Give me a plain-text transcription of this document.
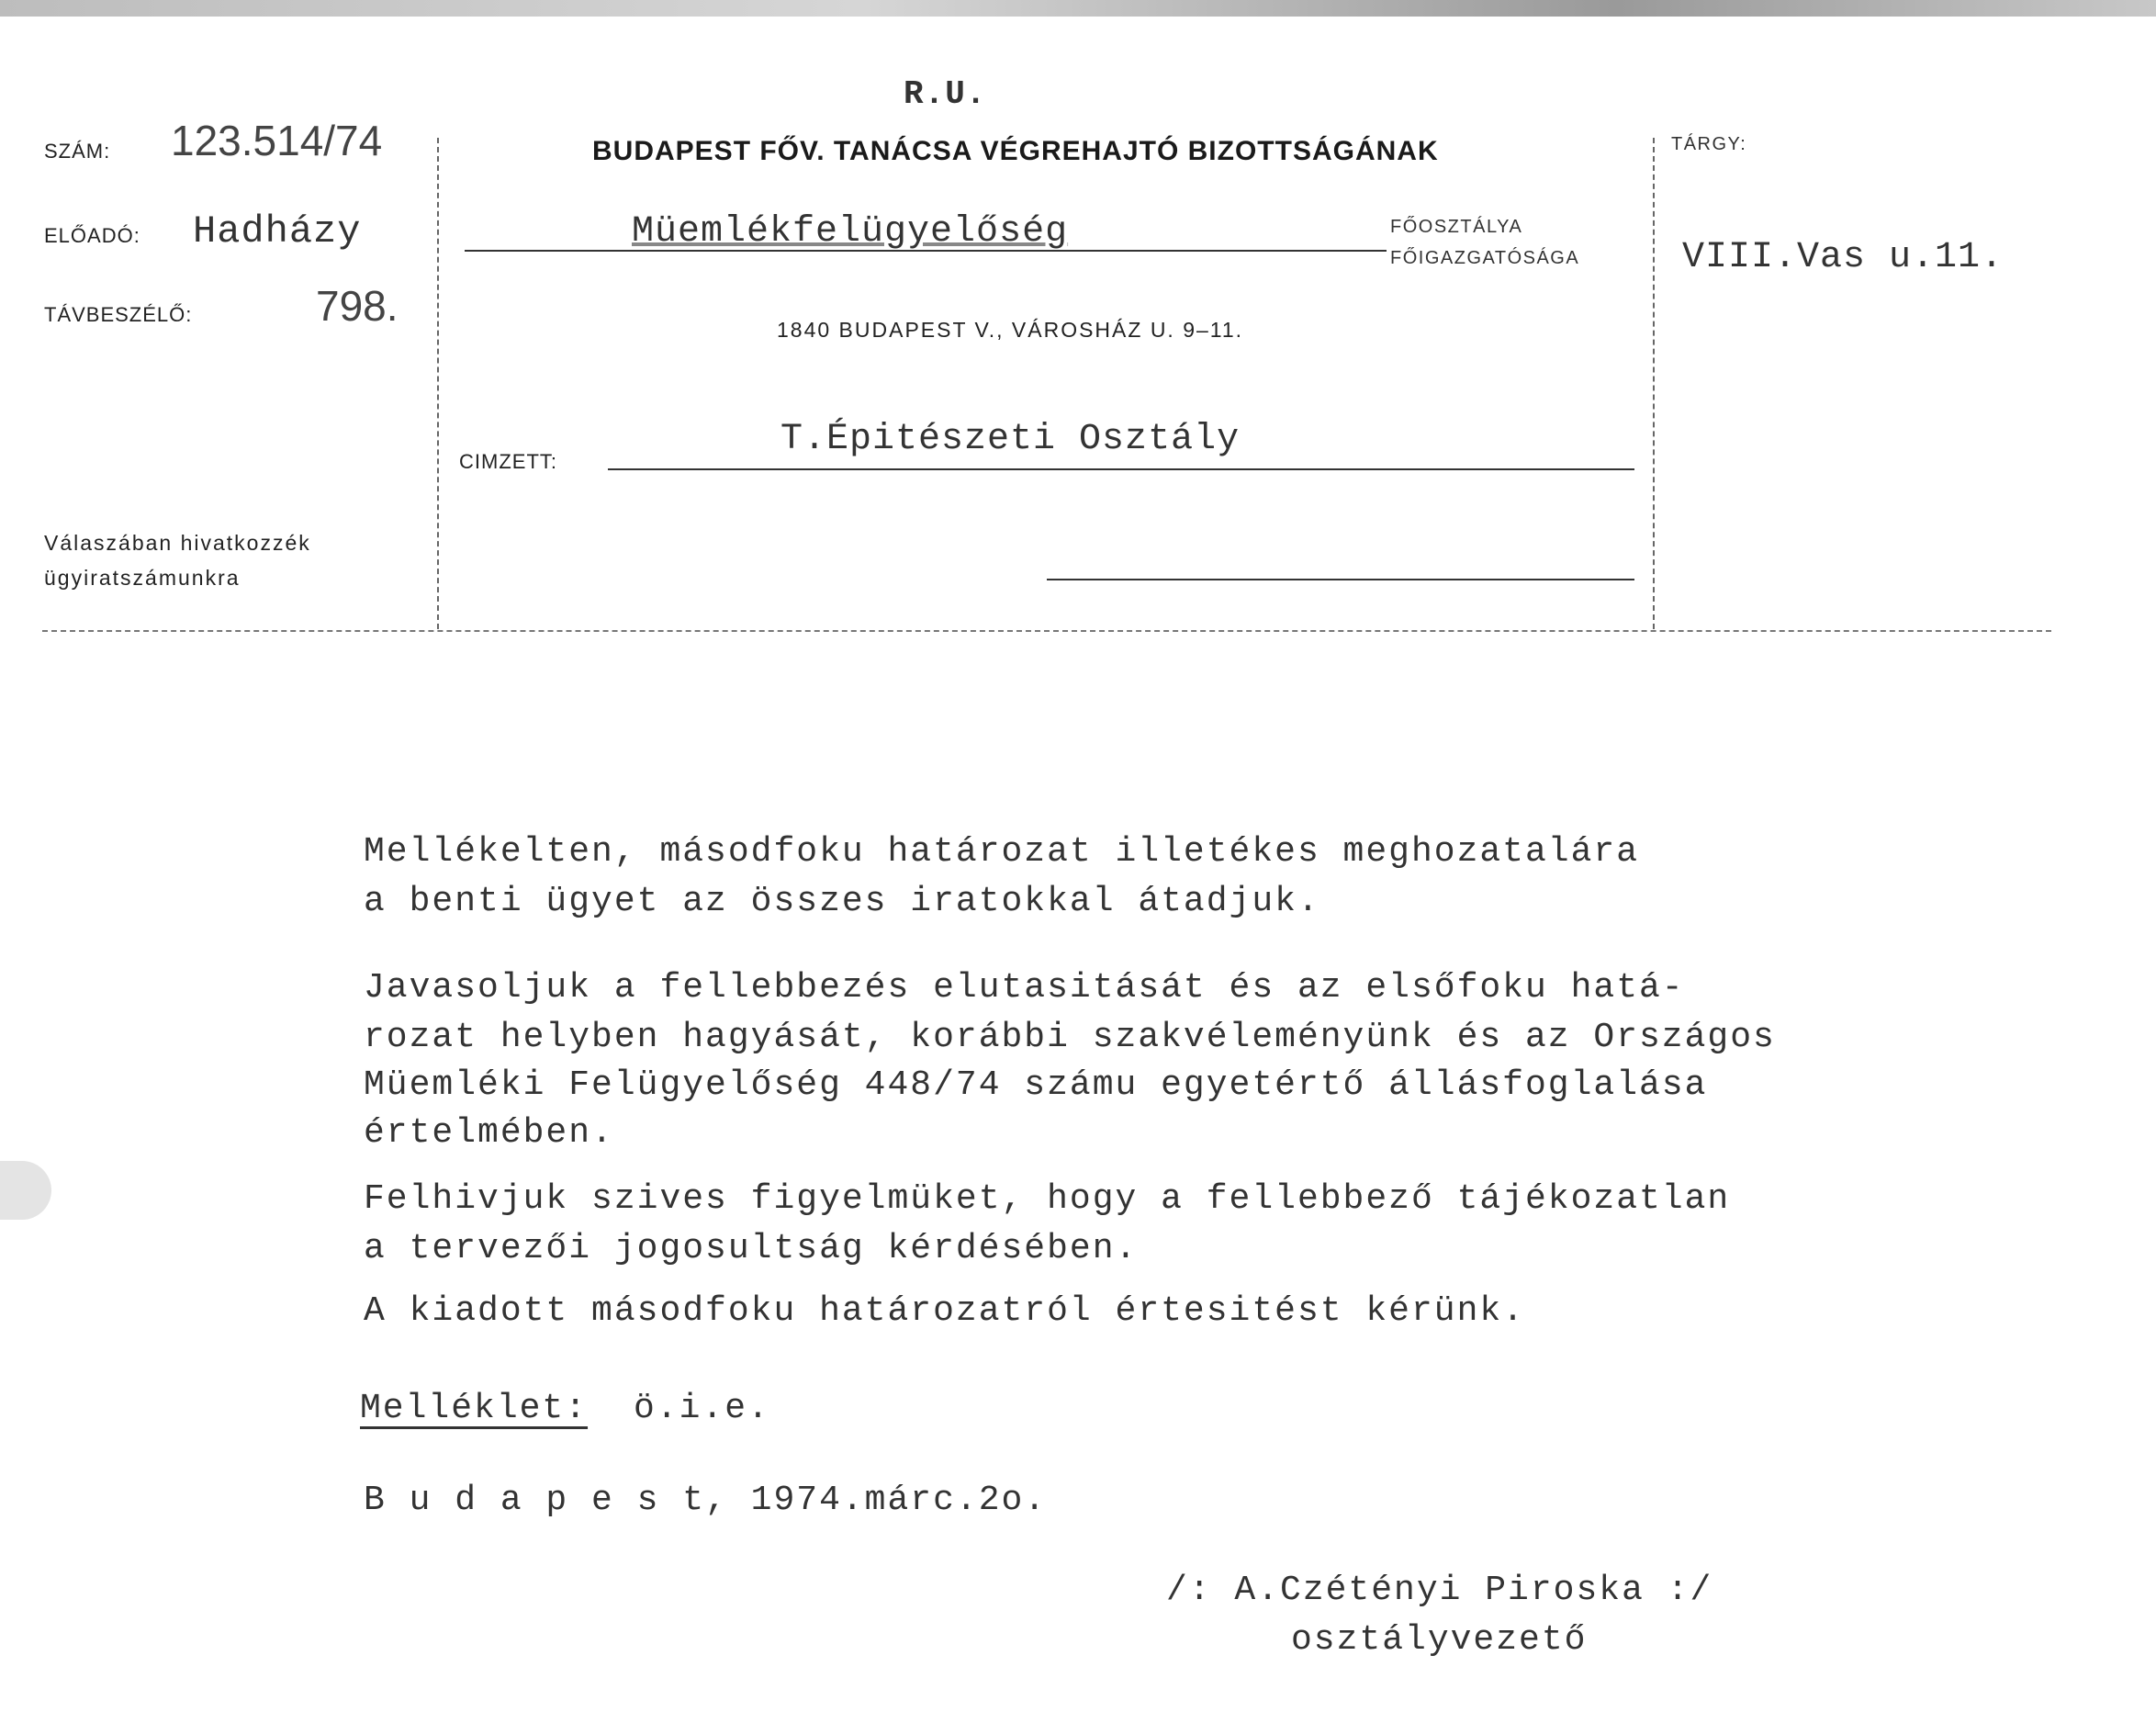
R.U.
BUDAPEST FŐV. TANÁCSA VÉGREHAJTÓ BIZOTTSÁGÁNAK
SZÁM: 123.514/74
ELŐADÓ: Hadházy
TÁVBESZÉLŐ:	798.
Válaszában hivatkozzék
ügyiratszámunkra
Müemlékfelügyelőség	FŐOSZTÁLYA
FŐIGAZGATÓSÁGA
1840 BUDAPEST V., VÁROSHÁZ U. 9–11.
CIMZETT:
T.Épitészeti Osztály
TÁRGY:
VIII.Vas u.11.
Mellékelten, másodfoku határozat illetékes meghozatalára
a benti ügyet az összes iratokkal átadjuk.
Javasoljuk a fellebbezés elutasitását és az elsőfoku hatá-
rozat helyben hagyását, korábbi szakvéleményünk és az Országos
Müemléki Felügyelőség 448/74 számu egyetértő állásfoglalása
értelmében.
Felhivjuk szives figyelmüket, hogy a fellebbező tájékozatlan
a tervezői jogosultság kérdésében.
A kiadott másodfoku határozatról értesitést kérünk.
Melléklet: ö.i.e.
B u d a p e s t, 1974.márc.2o.
/: A.Czétényi Piroska :/
osztályvezető
